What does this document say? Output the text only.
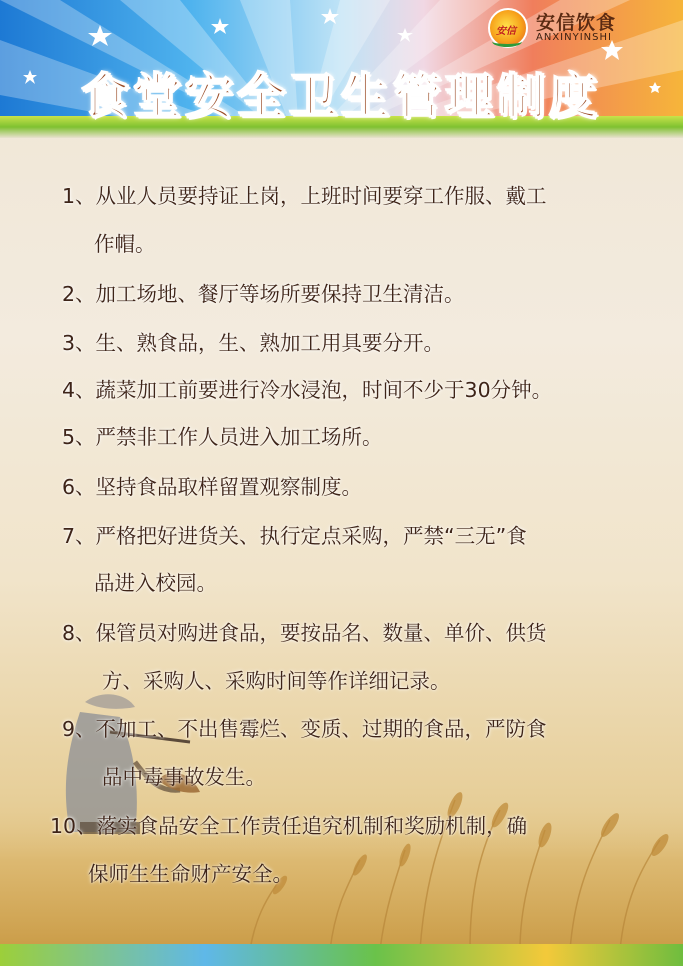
安信 安信饮食
ANXINYINSHI
食堂安全卫生管理制度
1、从业人员要持证上岗，上班时间要穿工作服、戴工
作帽。
2、加工场地、餐厅等场所要保持卫生清洁。
3、生、熟食品，生、熟加工用具要分开。
4、蔬菜加工前要进行冷水浸泡，时间不少于30分钟。
5、严禁非工作人员进入加工场所。
6、坚持食品取样留置观察制度。
7、严格把好进货关、执行定点采购，严禁“三无”食
品进入校园。
8、保管员对购进食品，要按品名、数量、单价、供货
方、采购人、采购时间等作详细记录。
9、不加工、不出售霉烂、变质、过期的食品，严防食
品中毒事故发生。
10、落实食品安全工作责任追究机制和奖励机制，确
保师生生命财产安全。
